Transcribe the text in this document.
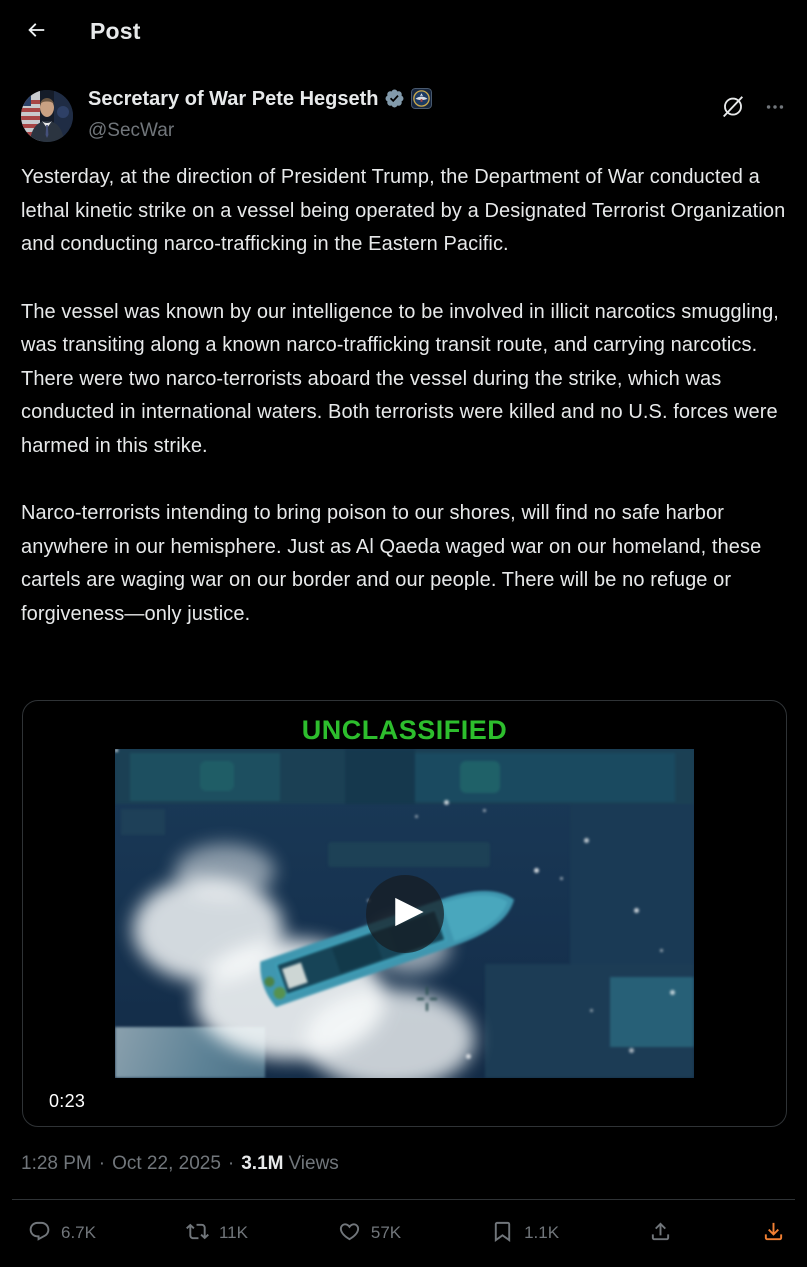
Post
Secretary of War Pete Hegseth
@SecWar

Yesterday, at the direction of President Trump, the Department of War conducted a lethal kinetic strike on a vessel being operated by a Designated Terrorist Organization and conducting narco-trafficking in the Eastern Pacific.

The vessel was known by our intelligence to be involved in illicit narcotics smuggling, was transiting along a known narco-trafficking transit route, and carrying narcotics. There were two narco-terrorists aboard the vessel during the strike, which was conducted in international waters. Both terrorists were killed and no U.S. forces were harmed in this strike.

Narco-terrorists intending to bring poison to our shores, will find no safe harbor anywhere in our hemisphere. Just as Al Qaeda waged war on our homeland, these cartels are waging war on our border and our people. There will be no refuge or forgiveness—only justice.

UNCLASSIFIED
0:23
1:28 PM · Oct 22, 2025 · 3.1M Views
6.7K	11K	57K	1.1K
